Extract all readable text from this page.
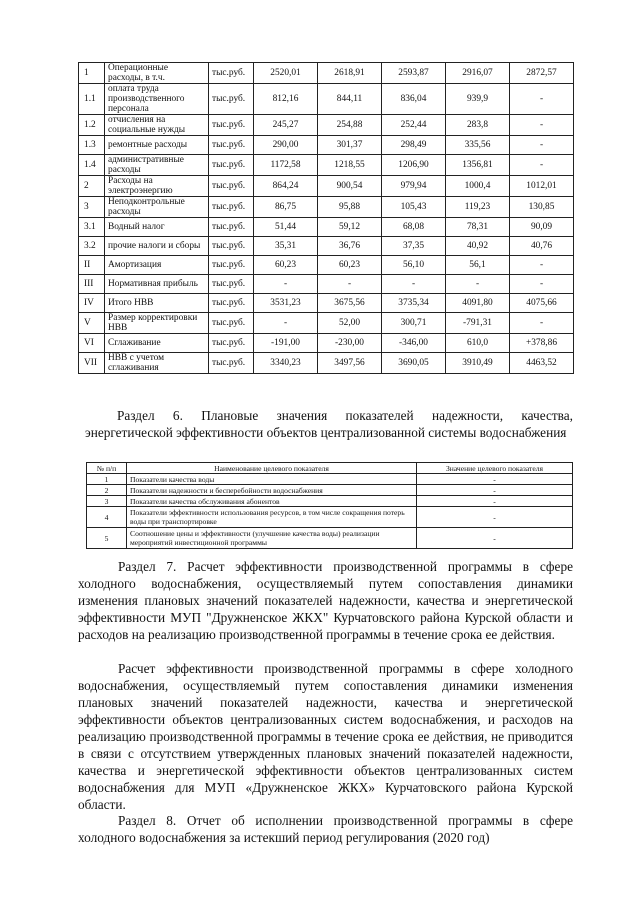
1	Операционные расходы, в т.ч.	тыс.руб.	2520,01	2618,91	2593,87	2916,07	2872,57
1.1	оплата труда производственного персонала	тыс.руб.	812,16	844,11	836,04	939,9	-
1.2	отчисления на социальные нужды	тыс.руб.	245,27	254,88	252,44	283,8	-
1.3	ремонтные расходы	тыс.руб.	290,00	301,37	298,49	335,56	-
1.4	административные расходы	тыс.руб.	1172,58	1218,55	1206,90	1356,81	-
2	Расходы на электроэнергию	тыс.руб.	864,24	900,54	979,94	1000,4	1012,01
3	Неподконтрольные расходы	тыс.руб.	86,75	95,88	105,43	119,23	130,85
3.1	Водный налог	тыс.руб.	51,44	59,12	68,08	78,31	90,09
3.2	прочие налоги и сборы	тыс.руб.	35,31	36,76	37,35	40,92	40,76
II	Амортизация	тыс.руб.	60,23	60,23	56,10	56,1	-
III	Нормативная прибыль	тыс.руб.	-	-	-	-	-
IV	Итого НВВ	тыс.руб.	3531,23	3675,56	3735,34	4091,80	4075,66
V	Размер корректировки НВВ	тыс.руб.	-	52,00	300,71	-791,31	-
VI	Сглаживание	тыс.руб.	-191,00	-230,00	-346,00	610,0	+378,86
VII	НВВ с учетом сглаживания	тыс.руб.	3340,23	3497,56	3690,05	3910,49	4463,52
Раздел 6. Плановые значения показателей надежности, качества, энергетической эффективности объектов централизованной системы водоснабжения
№ п/п	Наименование целевого показателя	Значение целевого показателя
1	Показатели качества воды	-
2	Показатели надежности и бесперебойности водоснабжения	-
3	Показатели качества обслуживания абонентов	-
4	Показатели эффективности использования ресурсов, в том числе сокращения потерь воды при транспортировке	-
5	Соотношение цены и эффективности (улучшение качества воды) реализации мероприятий инвестиционной программы	-
Раздел 7. Расчет эффективности производственной программы в сфере холодного водоснабжения, осуществляемый путем сопоставления динамики изменения плановых значений показателей надежности, качества и энергетической эффективности МУП "Дружненское ЖКХ" Курчатовского района Курской области и расходов на реализацию производственной программы в течение срока ее действия.
Расчет эффективности производственной программы в сфере холодного водоснабжения, осуществляемый путем сопоставления динамики изменения плановых значений показателей надежности, качества и энергетической эффективности объектов централизованных систем водоснабжения, и расходов на реализацию производственной программы в течение срока ее действия, не приводится в связи с отсутствием утвержденных плановых значений показателей надежности, качества и энергетической эффективности объектов централизованных систем водоснабжения для МУП «Дружненское ЖКХ» Курчатовского района Курской области.
Раздел 8. Отчет об исполнении производственной программы в сфере холодного водоснабжения за истекший период регулирования (2020 год)
